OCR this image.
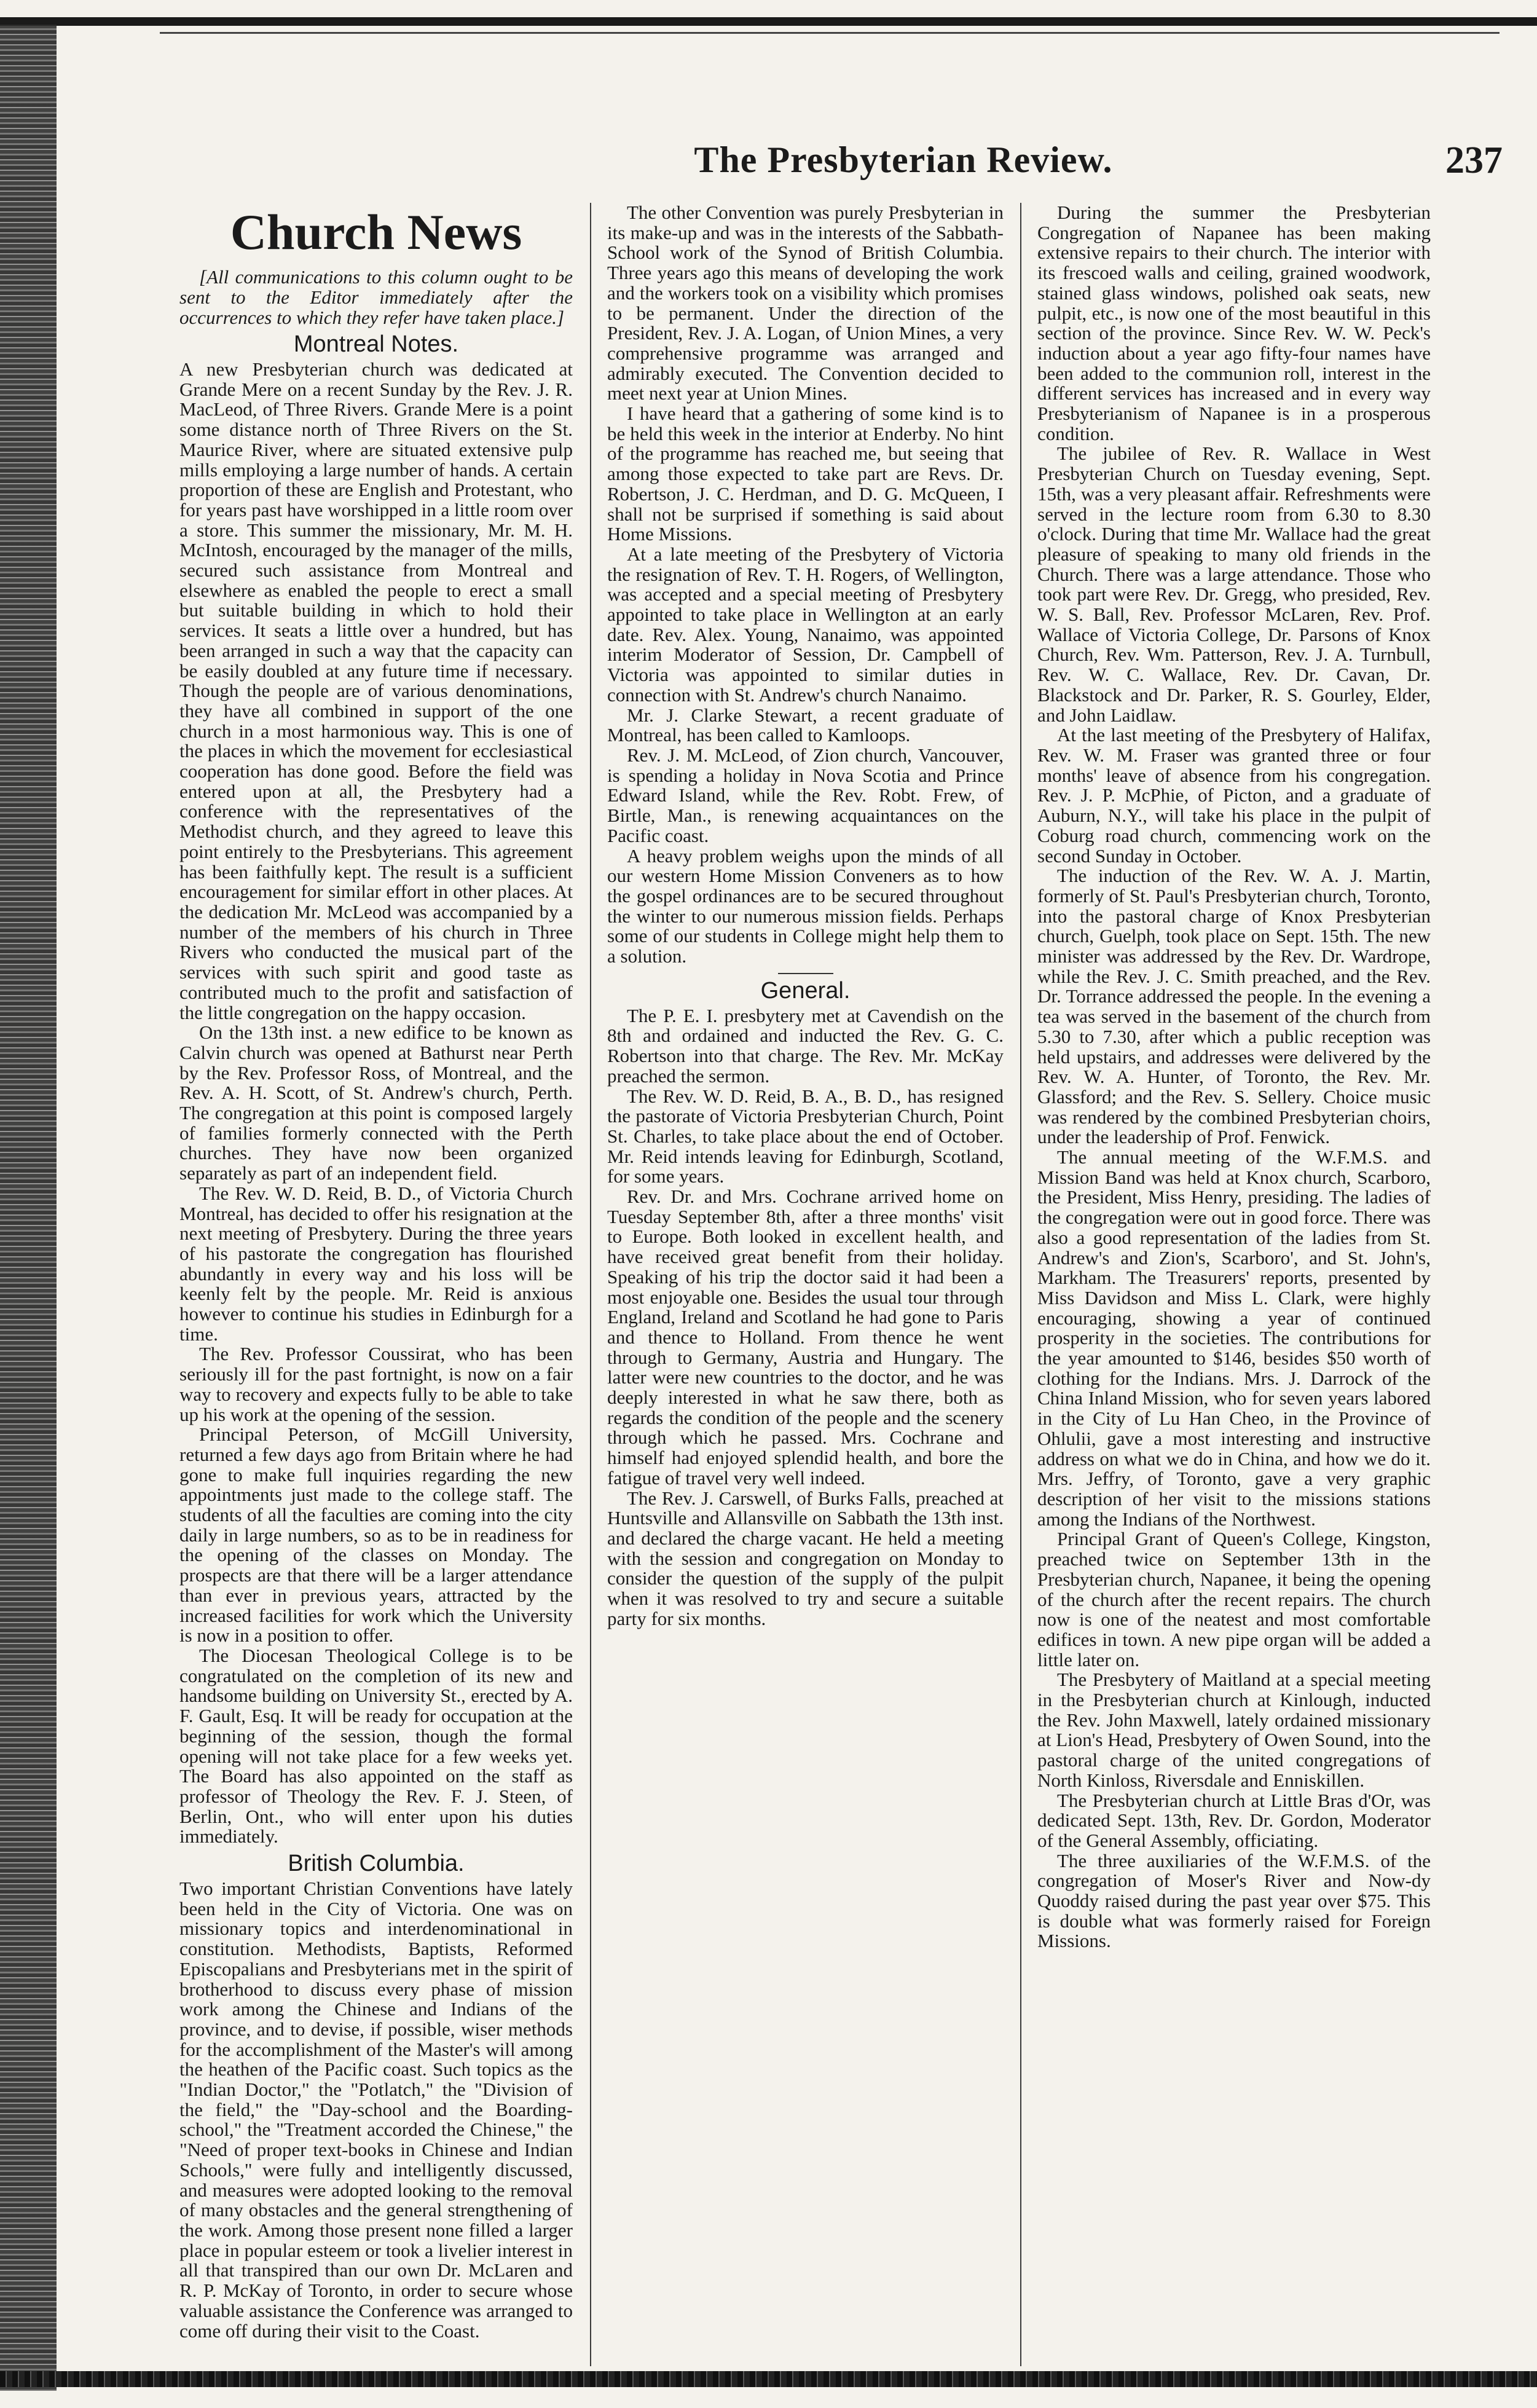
The Presbyterian Review.	237
Church News

[All communications to this column ought to be sent to the Editor immediately after the occurrences to which they refer have taken place.]

Montreal Notes.

A new Presbyterian church was dedicated at Grande Mere on a recent Sunday by the Rev. J. R. MacLeod, of Three Rivers. Grande Mere is a point some distance north of Three Rivers on the St. Maurice River, where are situated extensive pulp mills employing a large number of hands. A certain proportion of these are English and Protestant, who for years past have worshipped in a little room over a store. This summer the missionary, Mr. M. H. McIntosh, encouraged by the manager of the mills, secured such assistance from Montreal and elsewhere as enabled the people to erect a small but suitable building in which to hold their services. It seats a little over a hundred, but has been arranged in such a way that the capacity can be easily doubled at any future time if necessary. Though the people are of various denominations, they have all combined in support of the one church in a most harmonious way. This is one of the places in which the movement for ecclesiastical cooperation has done good. Before the field was entered upon at all, the Presbytery had a conference with the representatives of the Methodist church, and they agreed to leave this point entirely to the Presbyterians. This agreement has been faithfully kept. The result is a sufficient encouragement for similar effort in other places. At the dedication Mr. McLeod was accompanied by a number of the members of his church in Three Rivers who conducted the musical part of the services with such spirit and good taste as contributed much to the profit and satisfaction of the little congregation on the happy occasion.

On the 13th inst. a new edifice to be known as Calvin church was opened at Bathurst near Perth by the Rev. Professor Ross, of Montreal, and the Rev. A. H. Scott, of St. Andrew's church, Perth. The congregation at this point is composed largely of families formerly connected with the Perth churches. They have now been organized separately as part of an independent field.

The Rev. W. D. Reid, B. D., of Victoria Church Montreal, has decided to offer his resignation at the next meeting of Presbytery. During the three years of his pastorate the congregation has flourished abundantly in every way and his loss will be keenly felt by the people. Mr. Reid is anxious however to continue his studies in Edinburgh for a time.

The Rev. Professor Coussirat, who has been seriously ill for the past fortnight, is now on a fair way to recovery and expects fully to be able to take up his work at the opening of the session.

Principal Peterson, of McGill University, returned a few days ago from Britain where he had gone to make full inquiries regarding the new appointments just made to the college staff. The students of all the faculties are coming into the city daily in large numbers, so as to be in readiness for the opening of the classes on Monday. The prospects are that there will be a larger attendance than ever in previous years, attracted by the increased facilities for work which the University is now in a position to offer.

The Diocesan Theological College is to be congratulated on the completion of its new and handsome building on University St., erected by A. F. Gault, Esq. It will be ready for occupation at the beginning of the session, though the formal opening will not take place for a few weeks yet. The Board has also appointed on the staff as professor of Theology the Rev. F. J. Steen, of Berlin, Ont., who will enter upon his duties immediately.

British Columbia.

Two important Christian Conventions have lately been held in the City of Victoria. One was on missionary topics and interdenominational in constitution. Methodists, Baptists, Reformed Episcopalians and Presbyterians met in the spirit of brotherhood to discuss every phase of mission work among the Chinese and Indians of the province, and to devise, if possible, wiser methods for the accomplishment of the Master's will among the heathen of the Pacific coast. Such topics as the "Indian Doctor," the "Potlatch," the "Division of the field," the "Day-school and the Boarding-school," the "Treatment accorded the Chinese," the "Need of proper text-books in Chinese and Indian Schools," were fully and intelligently discussed, and measures were adopted looking to the removal of many obstacles and the general strengthening of the work. Among those present none filled a larger place in popular esteem or took a livelier interest in all that transpired than our own Dr. McLaren and R. P. McKay of Toronto, in order to secure whose valuable assistance the Conference was arranged to come off during their visit to the Coast.

The other Convention was purely Presbyterian in its make-up and was in the interests of the Sabbath-School work of the Synod of British Columbia. Three years ago this means of developing the work and the workers took on a visibility which promises to be permanent. Under the direction of the President, Rev. J. A. Logan, of Union Mines, a very comprehensive programme was arranged and admirably executed. The Convention decided to meet next year at Union Mines.

I have heard that a gathering of some kind is to be held this week in the interior at Enderby. No hint of the programme has reached me, but seeing that among those expected to take part are Revs. Dr. Robertson, J. C. Herdman, and D. G. McQueen, I shall not be surprised if something is said about Home Missions.

At a late meeting of the Presbytery of Victoria the resignation of Rev. T. H. Rogers, of Wellington, was accepted and a special meeting of Presbytery appointed to take place in Wellington at an early date. Rev. Alex. Young, Nanaimo, was appointed interim Moderator of Session, Dr. Campbell of Victoria was appointed to similar duties in connection with St. Andrew's church Nanaimo.

Mr. J. Clarke Stewart, a recent graduate of Montreal, has been called to Kamloops.

Rev. J. M. McLeod, of Zion church, Vancouver, is spending a holiday in Nova Scotia and Prince Edward Island, while the Rev. Robt. Frew, of Birtle, Man., is renewing acquaintances on the Pacific coast.

A heavy problem weighs upon the minds of all our western Home Mission Conveners as to how the gospel ordinances are to be secured throughout the winter to our numerous mission fields. Perhaps some of our students in College might help them to a solution.

General.

The P. E. I. presbytery met at Cavendish on the 8th and ordained and inducted the Rev. G. C. Robertson into that charge. The Rev. Mr. McKay preached the sermon.

The Rev. W. D. Reid, B. A., B. D., has resigned the pastorate of Victoria Presbyterian Church, Point St. Charles, to take place about the end of October. Mr. Reid intends leaving for Edinburgh, Scotland, for some years.

Rev. Dr. and Mrs. Cochrane arrived home on Tuesday September 8th, after a three months' visit to Europe. Both looked in excellent health, and have received great benefit from their holiday. Speaking of his trip the doctor said it had been a most enjoyable one. Besides the usual tour through England, Ireland and Scotland he had gone to Paris and thence to Holland. From thence he went through to Germany, Austria and Hungary. The latter were new countries to the doctor, and he was deeply interested in what he saw there, both as regards the condition of the people and the scenery through which he passed. Mrs. Cochrane and himself had enjoyed splendid health, and bore the fatigue of travel very well indeed.

The Rev. J. Carswell, of Burks Falls, preached at Huntsville and Allansville on Sabbath the 13th inst. and declared the charge vacant. He held a meeting with the session and congregation on Monday to consider the question of the supply of the pulpit when it was resolved to try and secure a suitable party for six months.

During the summer the Presbyterian Congregation of Napanee has been making extensive repairs to their church. The interior with its frescoed walls and ceiling, grained woodwork, stained glass windows, polished oak seats, new pulpit, etc., is now one of the most beautiful in this section of the province. Since Rev. W. W. Peck's induction about a year ago fifty-four names have been added to the communion roll, interest in the different services has increased and in every way Presbyterianism of Napanee is in a prosperous condition.

The jubilee of Rev. R. Wallace in West Presbyterian Church on Tuesday evening, Sept. 15th, was a very pleasant affair. Refreshments were served in the lecture room from 6.30 to 8.30 o'clock. During that time Mr. Wallace had the great pleasure of speaking to many old friends in the Church. There was a large attendance. Those who took part were Rev. Dr. Gregg, who presided, Rev. W. S. Ball, Rev. Professor McLaren, Rev. Prof. Wallace of Victoria College, Dr. Parsons of Knox Church, Rev. Wm. Patterson, Rev. J. A. Turnbull, Rev. W. C. Wallace, Rev. Dr. Cavan, Dr. Blackstock and Dr. Parker, R. S. Gourley, Elder, and John Laidlaw.

At the last meeting of the Presbytery of Halifax, Rev. W. M. Fraser was granted three or four months' leave of absence from his congregation. Rev. J. P. McPhie, of Picton, and a graduate of Auburn, N.Y., will take his place in the pulpit of Coburg road church, commencing work on the second Sunday in October.

The induction of the Rev. W. A. J. Martin, formerly of St. Paul's Presbyterian church, Toronto, into the pastoral charge of Knox Presbyterian church, Guelph, took place on Sept. 15th. The new minister was addressed by the Rev. Dr. Wardrope, while the Rev. J. C. Smith preached, and the Rev. Dr. Torrance addressed the people. In the evening a tea was served in the basement of the church from 5.30 to 7.30, after which a public reception was held upstairs, and addresses were delivered by the Rev. W. A. Hunter, of Toronto, the Rev. Mr. Glassford; and the Rev. S. Sellery. Choice music was rendered by the combined Presbyterian choirs, under the leadership of Prof. Fenwick.

The annual meeting of the W.F.M.S. and Mission Band was held at Knox church, Scarboro, the President, Miss Henry, presiding. The ladies of the congregation were out in good force. There was also a good representation of the ladies from St. Andrew's and Zion's, Scarboro', and St. John's, Markham. The Treasurers' reports, presented by Miss Davidson and Miss L. Clark, were highly encouraging, showing a year of continued prosperity in the societies. The contributions for the year amounted to $146, besides $50 worth of clothing for the Indians. Mrs. J. Darrock of the China Inland Mission, who for seven years labored in the City of Lu Han Cheo, in the Province of Ohlulii, gave a most interesting and instructive address on what we do in China, and how we do it. Mrs. Jeffry, of Toronto, gave a very graphic description of her visit to the missions stations among the Indians of the Northwest.

Principal Grant of Queen's College, Kingston, preached twice on September 13th in the Presbyterian church, Napanee, it being the opening of the church after the recent repairs. The church now is one of the neatest and most comfortable edifices in town. A new pipe organ will be added a little later on.

The Presbytery of Maitland at a special meeting in the Presbyterian church at Kinlough, inducted the Rev. John Maxwell, lately ordained missionary at Lion's Head, Presbytery of Owen Sound, into the pastoral charge of the united congregations of North Kinloss, Riversdale and Enniskillen.

The Presbyterian church at Little Bras d'Or, was dedicated Sept. 13th, Rev. Dr. Gordon, Moderator of the General Assembly, officiating.

The three auxiliaries of the W.F.M.S. of the congregation of Moser's River and Now-dy Quoddy raised during the past year over $75. This is double what was formerly raised for Foreign Missions.
